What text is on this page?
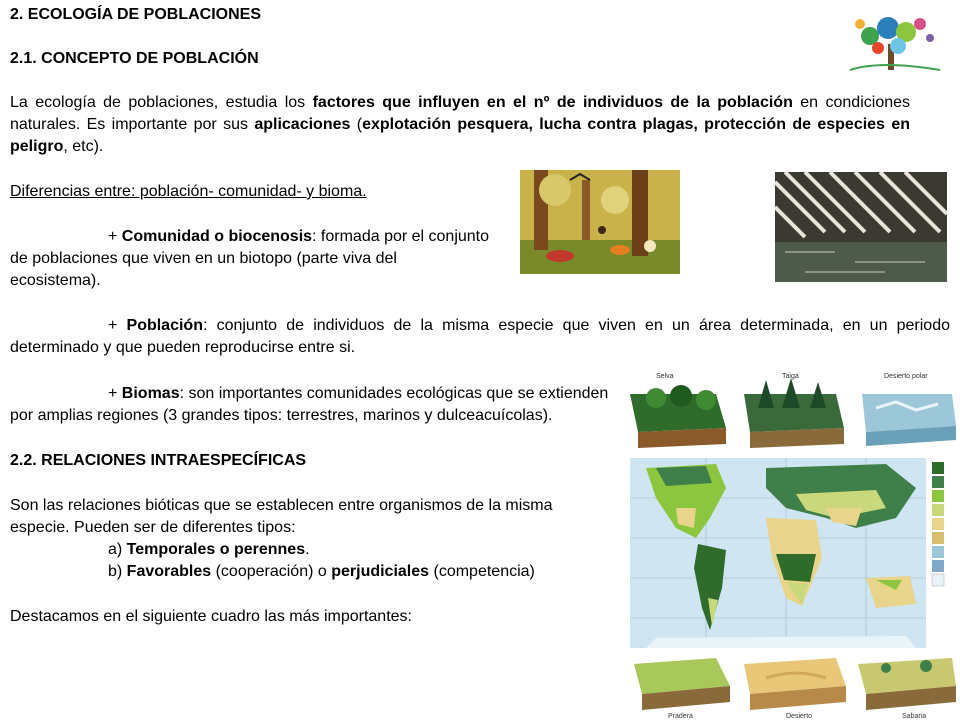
2. ECOLOGÍA DE POBLACIONES
2.1. CONCEPTO DE POBLACIÓN
La ecología de poblaciones, estudia los factores que influyen en el nº de individuos de la población en condiciones naturales. Es importante por sus aplicaciones (explotación pesquera, lucha contra plagas, protección de especies en peligro, etc).
Diferencias entre: población- comunidad- y bioma.
+ Comunidad o biocenosis: formada por el conjunto
de poblaciones que viven en un biotopo (parte viva del
ecosistema).
+ Población: conjunto de individuos de la misma especie que viven en un área determinada, en un periodo determinado y que pueden reproducirse entre si.
+ Biomas: son importantes comunidades ecológicas que se extienden
por amplias regiones (3 grandes tipos: terrestres, marinos y dulceacuícolas).
2.2. RELACIONES INTRAESPECÍFICAS
Son las relaciones bióticas que se establecen entre organismos de la misma
especie. Pueden ser de diferentes tipos:
a) Temporales o perennes.
b) Favorables (cooperación) o perjudiciales (competencia)
Destacamos en el siguiente cuadro las más importantes:
Selva	Taiga	Desierto polar
Pradera	Desierto	Sabana
